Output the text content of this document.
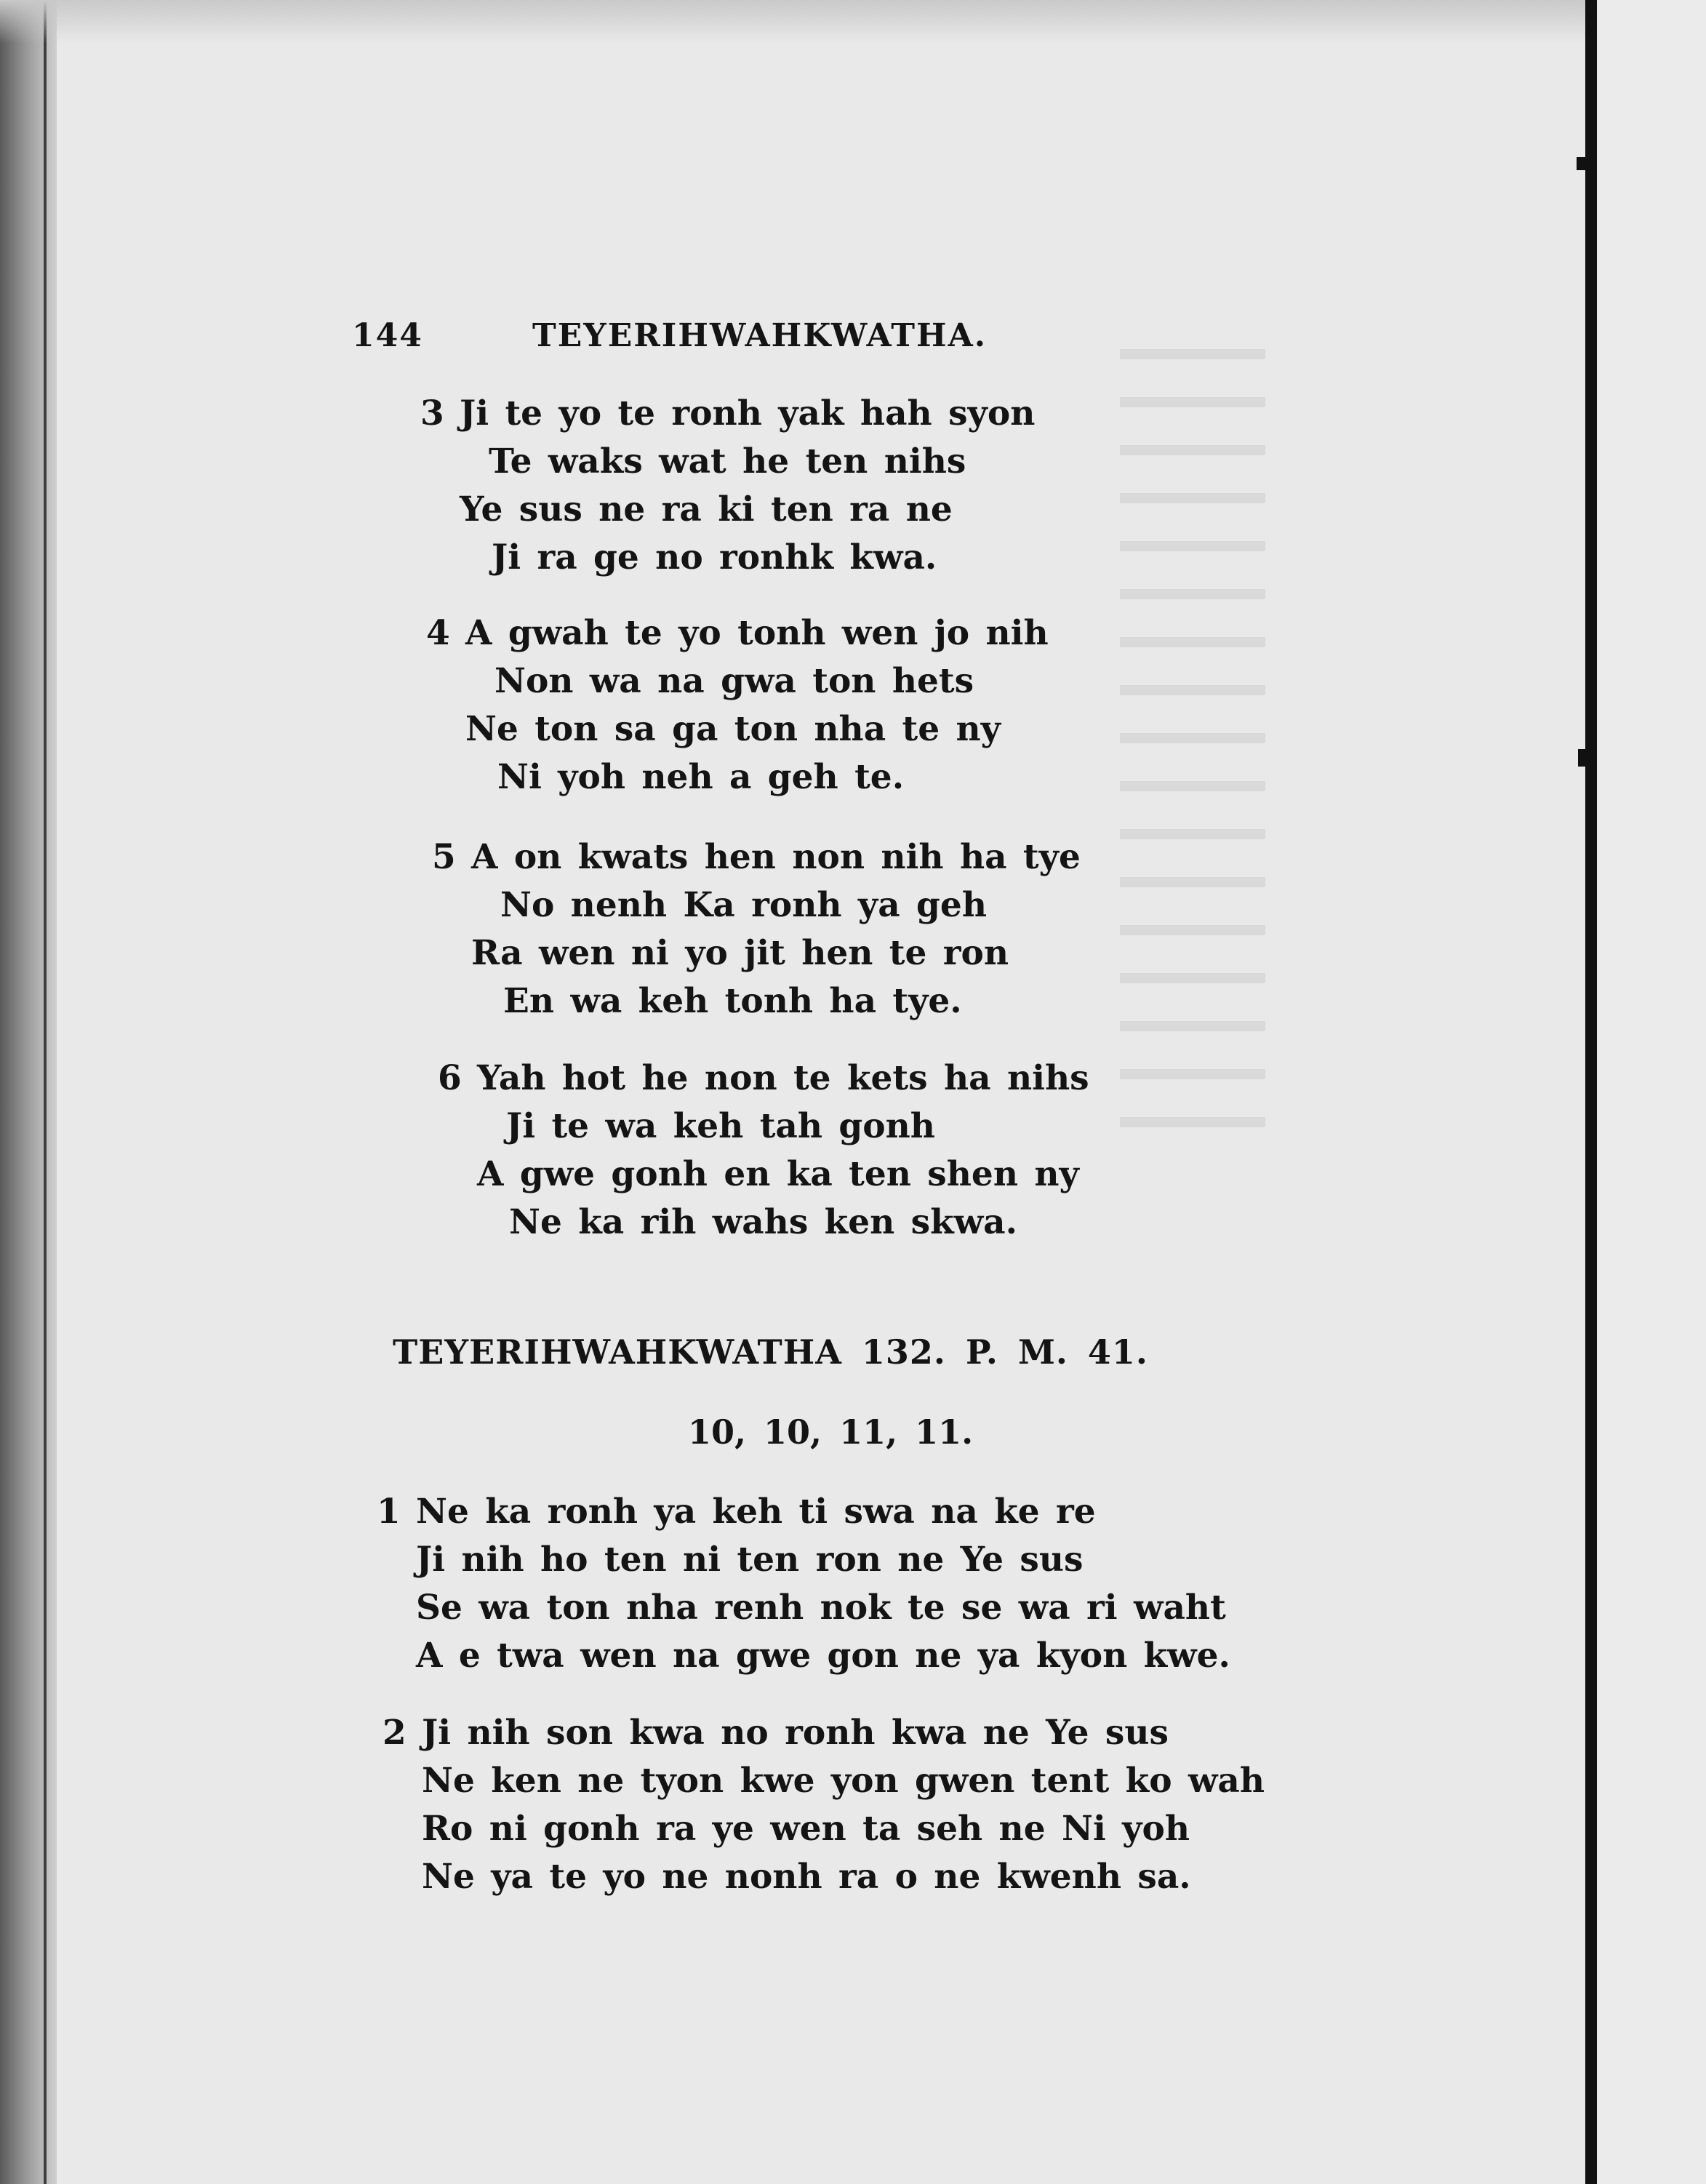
144	TEYERIHWAHKWATHA.
3 Ji te yo te ronh yak hah syon
Te waks wat he ten nihs
Ye sus ne ra ki ten ra ne
Ji ra ge no ronhk kwa.
4 A gwah te yo tonh wen jo nih
Non wa na gwa ton hets
Ne ton sa ga ton nha te ny
Ni yoh neh a geh te.
5 A on kwats hen non nih ha tye
No nenh Ka ronh ya geh
Ra wen ni yo jit hen te ron
En wa keh tonh ha tye.
6 Yah hot he non te kets ha nihs
Ji te wa keh tah gonh
A gwe gonh en ka ten shen ny
Ne ka rih wahs ken skwa.
TEYERIHWAHKWATHA 132. P. M. 41.
10, 10, 11, 11.
1 Ne ka ronh ya keh ti swa na ke re
Ji nih ho ten ni ten ron ne Ye sus
Se wa ton nha renh nok te se wa ri waht
A e twa wen na gwe gon ne ya kyon kwe.
2 Ji nih son kwa no ronh kwa ne Ye sus
Ne ken ne tyon kwe yon gwen tent ko wah
Ro ni gonh ra ye wen ta seh ne Ni yoh
Ne ya te yo ne nonh ra o ne kwenh sa.
